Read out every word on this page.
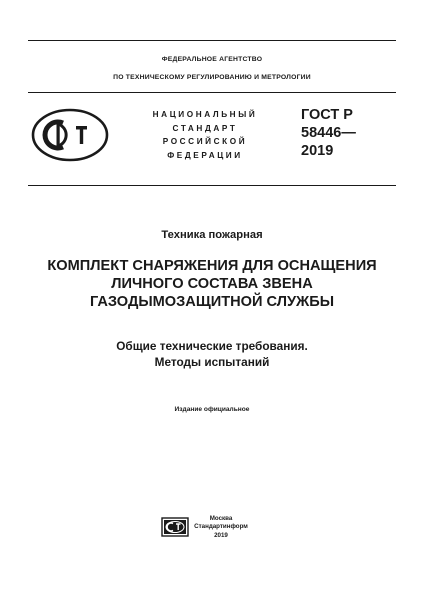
ФЕДЕРАЛЬНОЕ АГЕНТСТВО
ПО ТЕХНИЧЕСКОМУ РЕГУЛИРОВАНИЮ И МЕТРОЛОГИИ
НАЦИОНАЛЬНЫЙ
СТАНДАРТ
РОССИЙСКОЙ
ФЕДЕРАЦИИ
ГОСТ Р
58446—
2019
Техника пожарная
КОМПЛЕКТ СНАРЯЖЕНИЯ ДЛЯ ОСНАЩЕНИЯ
ЛИЧНОГО СОСТАВА ЗВЕНА
ГАЗОДЫМОЗАЩИТНОЙ СЛУЖБЫ
Общие технические требования.
Методы испытаний
Издание официальное
Москва
Стандартинформ
2019
